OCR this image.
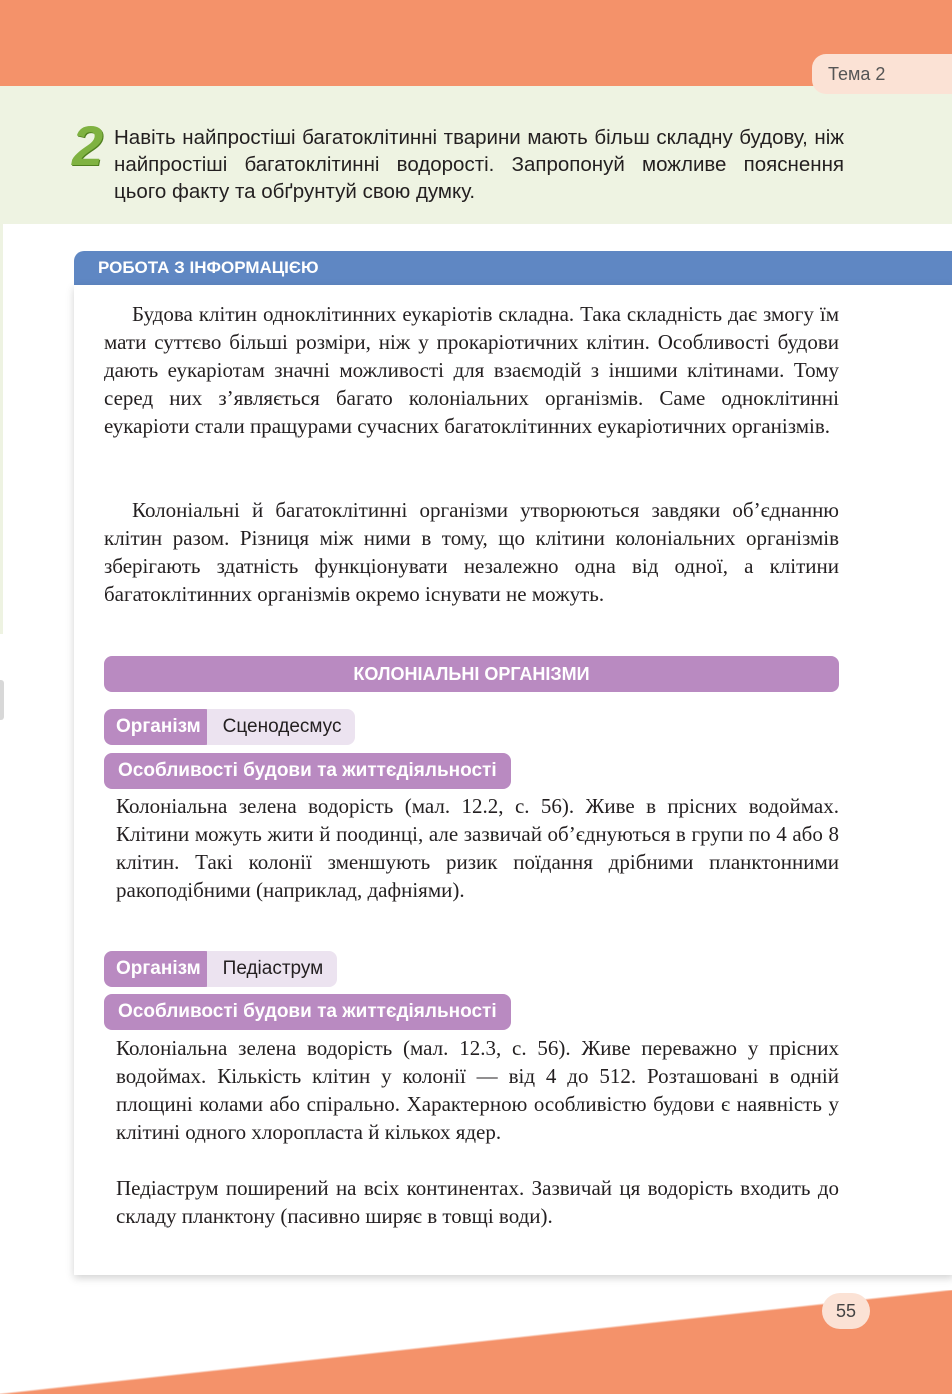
Тема 2
2 Навіть найпростіші багатоклітинні тварини мають більш складну будову, ніж найпростіші багатоклітинні водорості. Запропонуй можливе пояснення цього факту та обґрунтуй свою думку.

РОБОТА З ІНФОРМАЦІЄЮ

Будова клітин одноклітинних еукаріотів складна. Така складність дає змогу їм мати суттєво більші розміри, ніж у прокаріотичних клітин. Особливості будови дають еукаріотам значні можливості для взаємодій з іншими клітинами. Тому серед них з’являється багато колоніальних організмів. Саме одноклітинні еукаріоти стали пращурами сучасних багатоклітинних еукаріотичних організмів.

Колоніальні й багатоклітинні організми утворюються завдяки об’єднанню клітин разом. Різниця між ними в тому, що клітини колоніальних організмів зберігають здатність функціонувати незалежно одна від одної, а клітини багатоклітинних організмів окремо існувати не можуть.

КОЛОНІАЛЬНІ ОРГАНІЗМИ
Організм	Сценодесмус
Особливості будови та життєдіяльності

Колоніальна зелена водорість (мал. 12.2, с. 56). Живе в прісних водоймах. Клітини можуть жити й поодинці, але зазвичай об’єднуються в групи по 4 або 8 клітин. Такі колонії зменшують ризик поїдання дрібними планктонними ракоподібними (наприклад, дафніями).

Організм	Педіаструм
Особливості будови та життєдіяльності

Колоніальна зелена водорість (мал. 12.3, с. 56). Живе переважно у прісних водоймах. Кількість клітин у колонії — від 4 до 512. Розташовані в одній площині колами або спірально. Характерною особливістю будови є наявність у клітині одного хлоропласта й кількох ядер.

Педіаструм поширений на всіх континентах. Зазвичай ця водорість входить до складу планктону (пасивно ширяє в товщі води).

55
